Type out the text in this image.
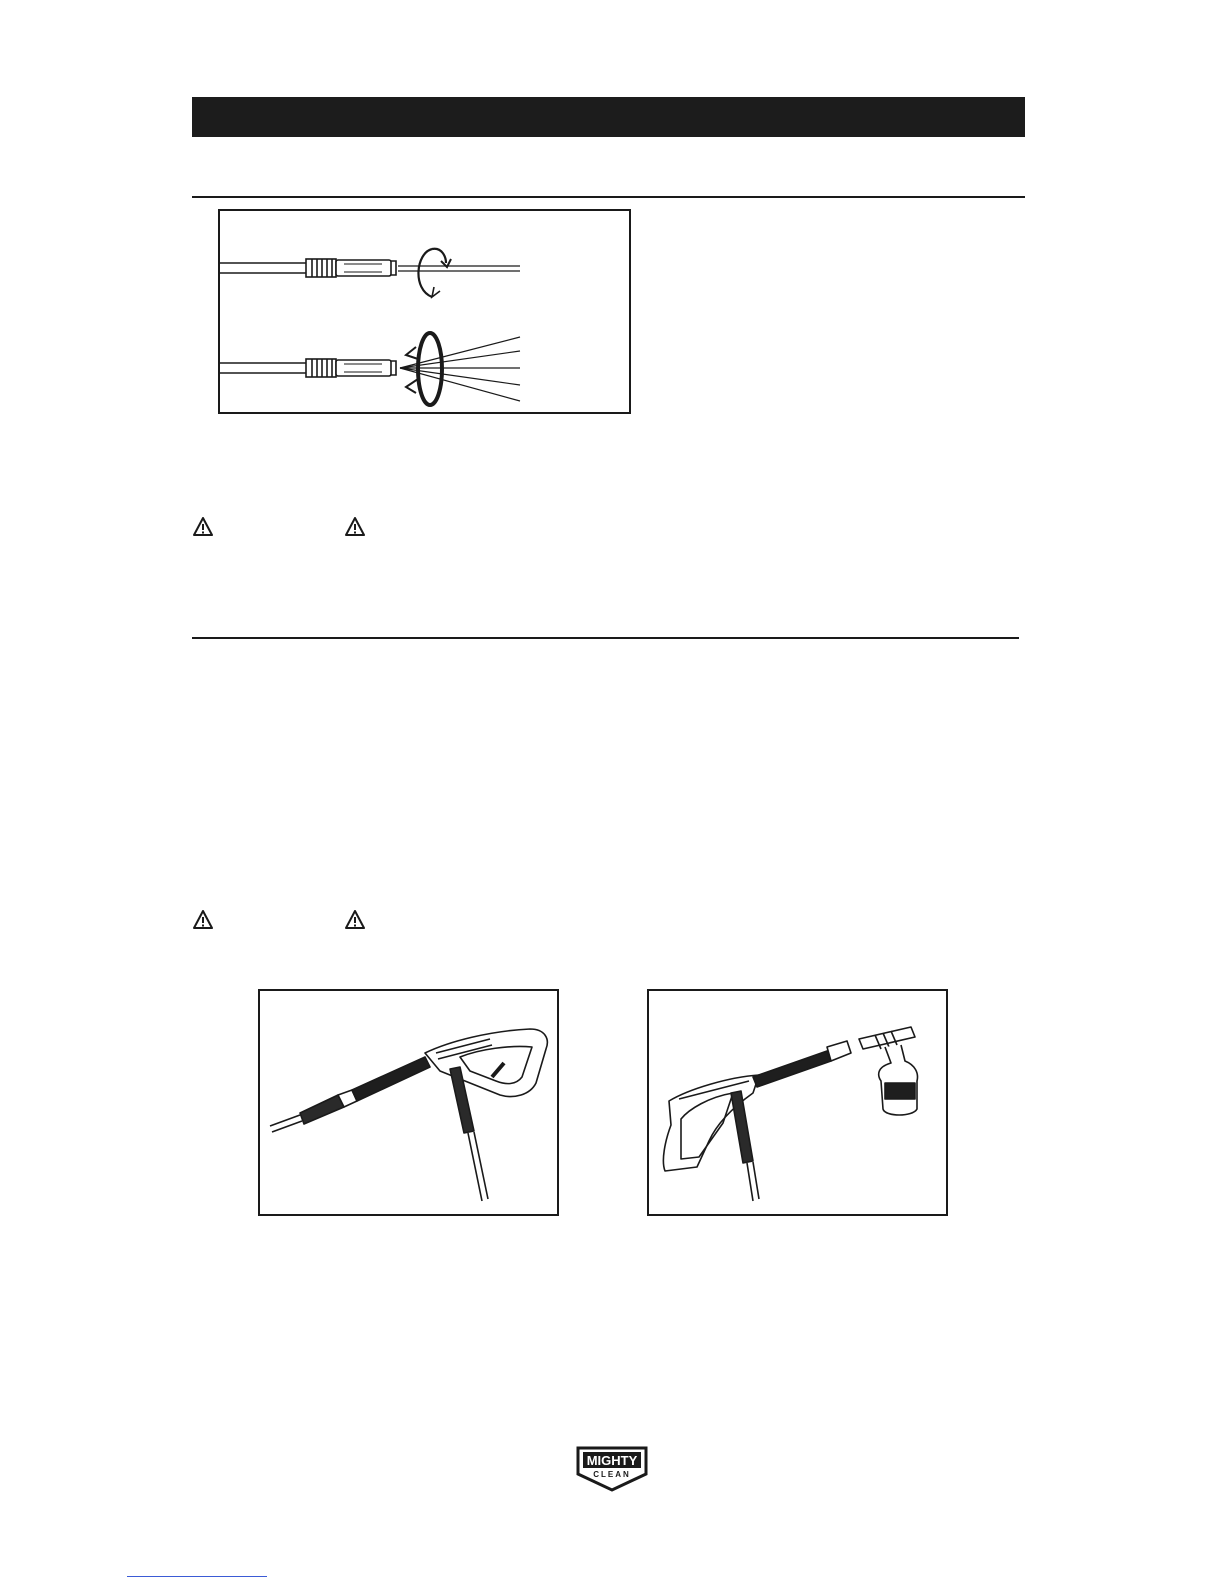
MIGHTY
CLEAN
